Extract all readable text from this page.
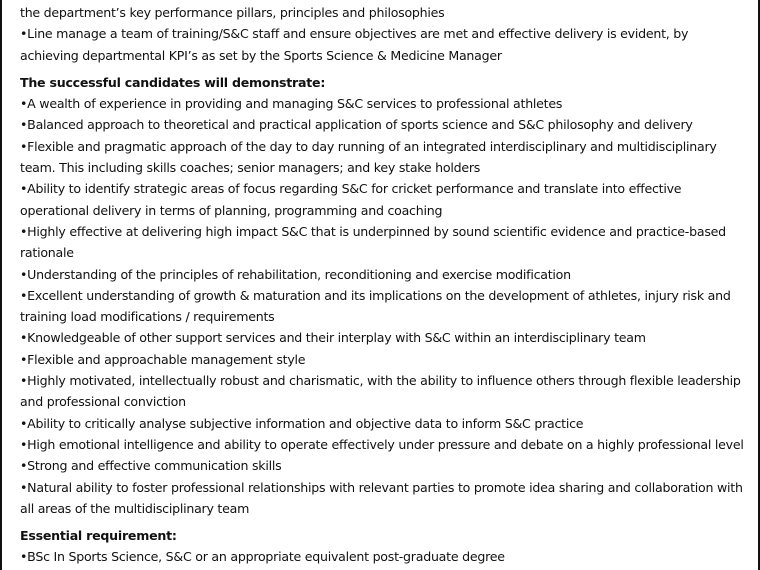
the department’s key performance pillars, principles and philosophies

•Line manage a team of training/S&C staff and ensure objectives are met and effective delivery is evident, by achieving departmental KPI’s as set by the Sports Science & Medicine Manager

The successful candidates will demonstrate:

•A wealth of experience in providing and managing S&C services to professional athletes

•Balanced approach to theoretical and practical application of sports science and S&C philosophy and delivery

•Flexible and pragmatic approach of the day to day running of an integrated interdisciplinary and multidisciplinary team. This including skills coaches; senior managers; and key stake holders

•Ability to identify strategic areas of focus regarding S&C for cricket performance and translate into effective operational delivery in terms of planning, programming and coaching

•Highly effective at delivering high impact S&C that is underpinned by sound scientific evidence and practice-based rationale

•Understanding of the principles of rehabilitation, reconditioning and exercise modification

•Excellent understanding of growth & maturation and its implications on the development of athletes, injury risk and training load modifications / requirements

•Knowledgeable of other support services and their interplay with S&C within an interdisciplinary team

•Flexible and approachable management style

•Highly motivated, intellectually robust and charismatic, with the ability to influence others through flexible leadership and professional conviction

•Ability to critically analyse subjective information and objective data to inform S&C practice

•High emotional intelligence and ability to operate effectively under pressure and debate on a highly professional level

•Strong and effective communication skills

•Natural ability to foster professional relationships with relevant parties to promote idea sharing and collaboration with all areas of the multidisciplinary team

Essential requirement:

•BSc In Sports Science, S&C or an appropriate equivalent post-graduate degree
